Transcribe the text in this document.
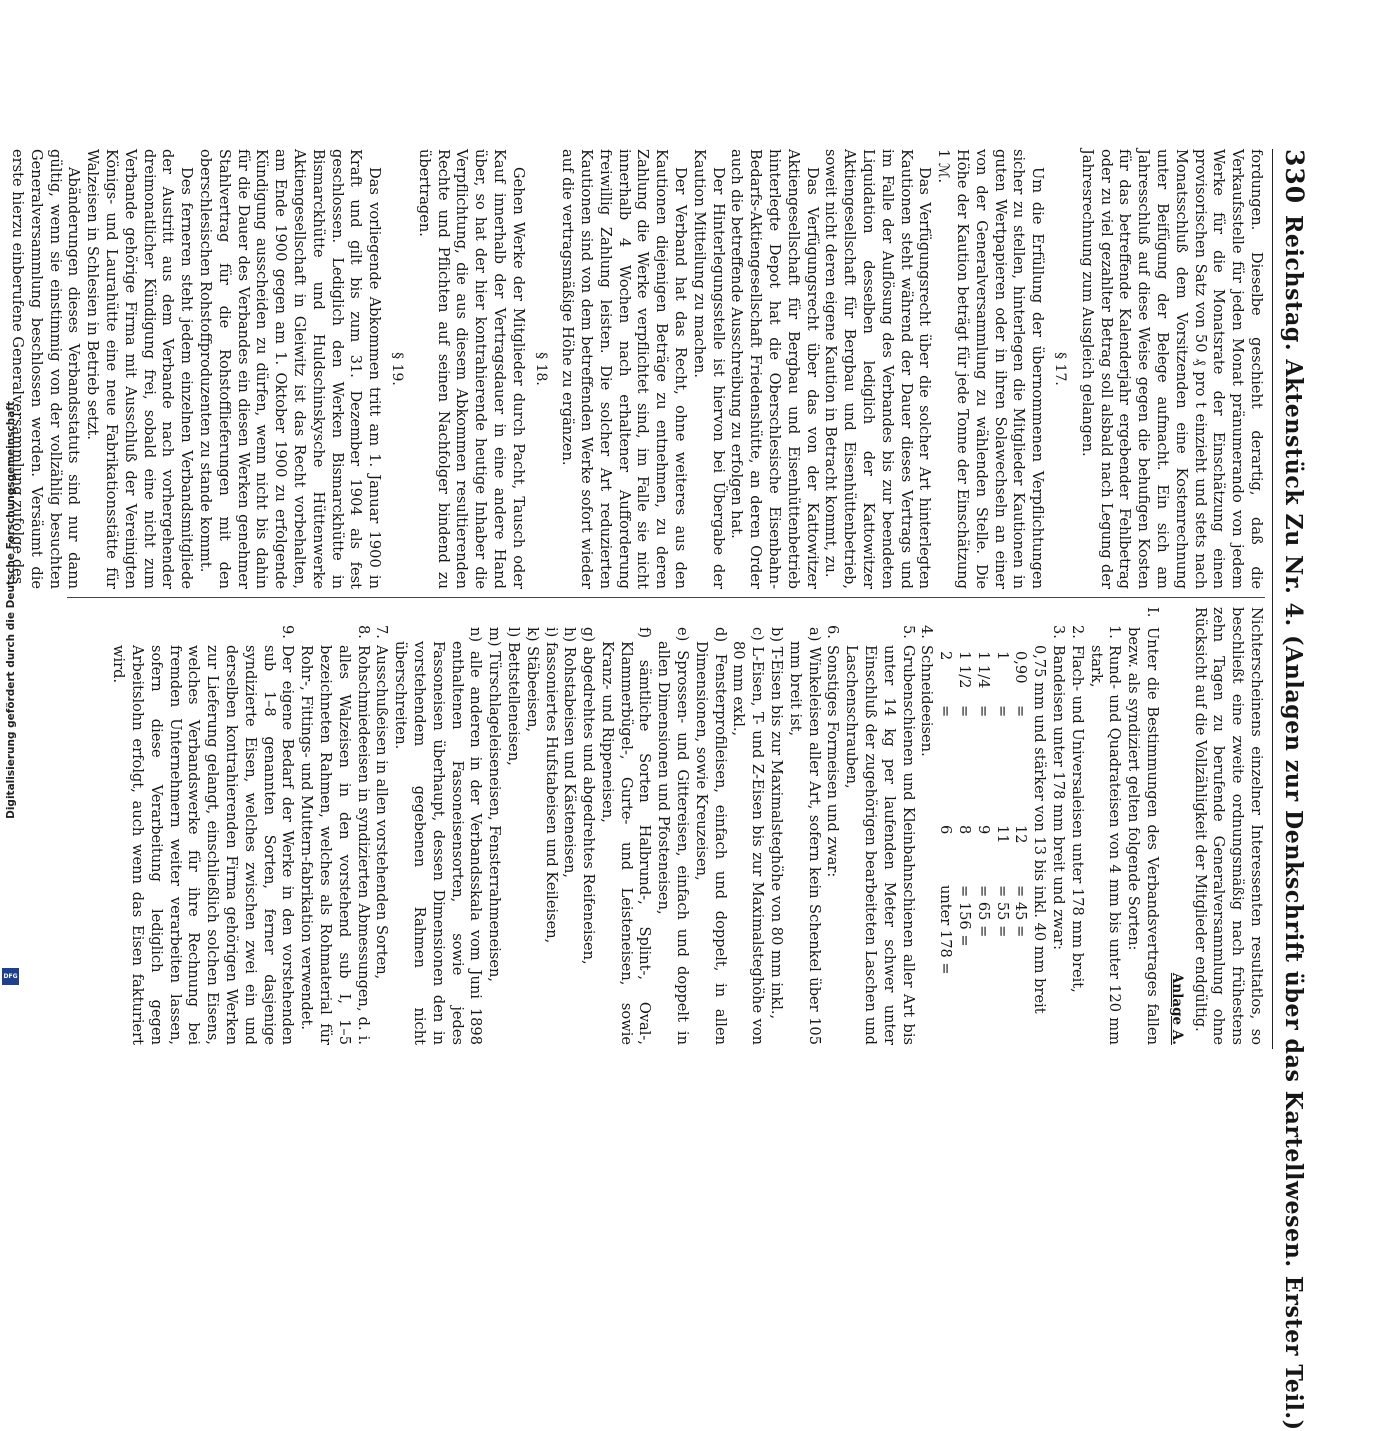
Digitalisierung gefördert durch die Deutsche Forschungsgemeinschaft
DFG
330
Reichstag. Aktenstück Zu Nr. 4. (Anlagen zur Denkschrift über das Kartellwesen. Erster Teil.)

fordungen. Dieselbe geschieht derartig, daß die Verkaufsstelle für jeden Monat pränumerando von jedem Werke für die Monatsrate der Einschätzung einen provisorischen Satz von 50 ₰ pro t einzieht und stets nach Monatsschluß dem Vorsitzenden eine Kostenrechnung unter Beifügung der Belege aufmacht. Ein sich am Jahresschluß auf diese Weise gegen die behufigen Kosten für das betreffende Kalenderjahr ergebender Fehlbetrag oder zu viel gezahlter Betrag soll alsbald nach Legung der Jahresrechnung zum Ausgleich gelangen.

§ 17.

Um die Erfüllung der übernommenen Verpflichtungen sicher zu stellen, hinterlegen die Mitglieder Kautionen in guten Wertpapieren oder in ihren Solawechseln an einer von der Generalversammlung zu wählenden Stelle. Die Höhe der Kaution beträgt für jede Tonne der Einschätzung 1 ℳ.

Das Verfügungsrecht über die solcher Art hinterlegten Kautionen steht während der Dauer dieses Vertrags und im Falle der Auflösung des Verbandes bis zur beendeten Liquidation desselben lediglich der Kattowitzer Aktiengesellschaft für Bergbau und Eisenhüttenbetrieb, soweit nicht deren eigene Kaution in Betracht kommt, zu.

Das Verfügungsrecht über das von der Kattowitzer Aktiengesellschaft für Bergbau und Eisenhüttenbetrieb hinterlegte Depot hat die Oberschlesische Eisenbahn-Bedarfs-Aktiengesellschaft Friedenshütte, an deren Order auch die betreffende Ausschreibung zu erfolgen hat.

Der Hinterlegungsstelle ist hiervon bei Übergabe der Kaution Mitteilung zu machen.

Der Verband hat das Recht, ohne weiteres aus den Kautionen diejenigen Beträge zu entnehmen, zu deren Zahlung die Werke verpflichtet sind, im Falle sie nicht innerhalb 4 Wochen nach erhaltener Aufforderung freiwillig Zahlung leisten. Die solcher Art reduzierten Kautionen sind von dem betreffenden Werke sofort wieder auf die vertragsmäßige Höhe zu ergänzen.

§ 18.

Gehen Werke der Mitglieder durch Pacht, Tausch oder Kauf innerhalb der Vertragsdauer in eine andere Hand über, so hat der hier kontrahierende heutige Inhaber die Verpflichtung, die aus diesem Abkommen resultierenden Rechte und Pflichten auf seinen Nachfolger bindend zu übertragen.

§ 19.

Das vorliegende Abkommen tritt am 1. Januar 1900 in Kraft und gilt bis zum 31. Dezember 1904 als fest geschlossen. Lediglich den Werken Bismarckhütte in Bismarckhütte und Huldschinskysche Hüttenwerke Aktiengesellschaft in Gleiwitz ist das Recht vorbehalten, am Ende 1900 gegen am 1. Oktober 1900 zu erfolgende Kündigung ausscheiden zu dürfen, wenn nicht bis dahin für die Dauer des Verbandes ein diesen Werken genehmer Stahlvertrag für die Rohstofflieferungen mit den oberschlesischen Rohstoffproduzenten zu stande kommt.

Des ferneren steht jedem einzelnen Verbandsmitgliede der Austritt aus dem Verbande nach vorhergehender dreimonatlicher Kündigung frei, sobald eine nicht zum Verbande gehörige Firma mit Ausschluß der Vereinigten Königs- und Laurahütte eine neue Fabrikationsstätte für Walzeisen in Schlesien in Betrieb setzt.

Abänderungen dieses Verbandsstatuts sind nur dann gültig, wenn sie einstimmig von der vollzählig besuchten Generalversammlung beschlossen werden. Versäumt die erste hierzu einberufene Generalversammlung zufolge des

Nichterscheinens einzelner Interessenten resultatlos, so beschließt eine zweite ordnungsmäßig nach frühestens zehn Tagen zu berufende Generalversammlung ohne Rücksicht auf die Vollzähligkeit der Mitglieder endgültig.

Anlage A.
I.
Unter die Bestimmungen des Verbandsvertrages fallen bezw. als syndiziert gelten folgende Sorten:
1.
Rund- und Quadrateisen von 4 mm bis unter 120 mm stark,
2.
Flach- und Universaleisen unter 178 mm breit,
3.
Bandeisen unter 178 mm breit und zwar:
0,75 mm und stärker von 13 bis inkl. 40 mm breit
0,90
=
12
= 45 =
1
=
11
= 55 =
1 1/4
=
9
= 65 =
1 1/2
=
8
= 156 =
2
=
6
unter 178 =
4.
Schneideeisen.
5.
Grubenschienen und Kleinbahnschienen aller Art bis unter 14 kg per laufenden Meter schwer unter Einschluß der zugehörigen bearbeiteten Laschen und Laschenschrauben,
6.
Sonstiges Formeisen und zwar:
a) Winkeleisen aller Art, sofern kein Schenkel über 105 mm breit ist,
b) T-Eisen bis zur Maximalsteghöhe von 80 mm inkl.,
c) L-Eisen, T- und Z-Eisen bis zur Maximalsteghöhe von 80 mm exkl.,
d) Fensterprofileisen, einfach und doppelt, in allen Dimensionen, sowie Kreuzeisen,
e) Sprossen- und Gittereisen, einfach und doppelt in allen Dimensionen und Pfosteneisen,
f) sämtliche Sorten Halbrund-, Splint-, Oval-, Klammerbügel-, Gurte- und Leisteneisen, sowie Kranz- und Rippeneisen,
g) abgedrehtes und abgedrehtes Reifeneisen,
h) Rohstabeisen und Kästeneisen,
i) fassoniertes Hufstabeisen und Keileisen,
k) Stäbeeisen,
l) Bettstelleneisen,
m) Türschlageleiseneisen, Fensterrahmeneisen,
n) alle anderen in der Verbandsskala vom Juni 1898 enthaltenen Fassoneisensorten, sowie jedes Fassoneisen überhaupt, dessen Dimensionen den in vorstehendem gegebenen Rahmen nicht überschreiten.
7.
Ausschußeisen in allen vorstehenden Sorten,
8.
Rohschmiedeeisen in syndizierten Abmessungen, d. i. alles Walzeisen in den vorstehend sub I, 1–5 bezeichneten Rahmen, welches als Rohmaterial für Rohr-, Fittings- und Muttern-fabrikation verwendet.
9.
Der eigene Bedarf der Werke in den vorstehenden sub 1–8 genannten Sorten, ferner dasjenige syndizierte Eisen, welches zwischen zwei ein und derselben kontrahierenden Firma gehörigen Werken zur Lieferung gelangt, einschließlich solchen Eisens, welches Verbandswerke für ihre Rechnung bei fremden Unternehmern weiter verarbeiten lassen, sofern diese Verarbeitung lediglich gegen Arbeitslohn erfolgt, auch wenn das Eisen fakturiert wird.
